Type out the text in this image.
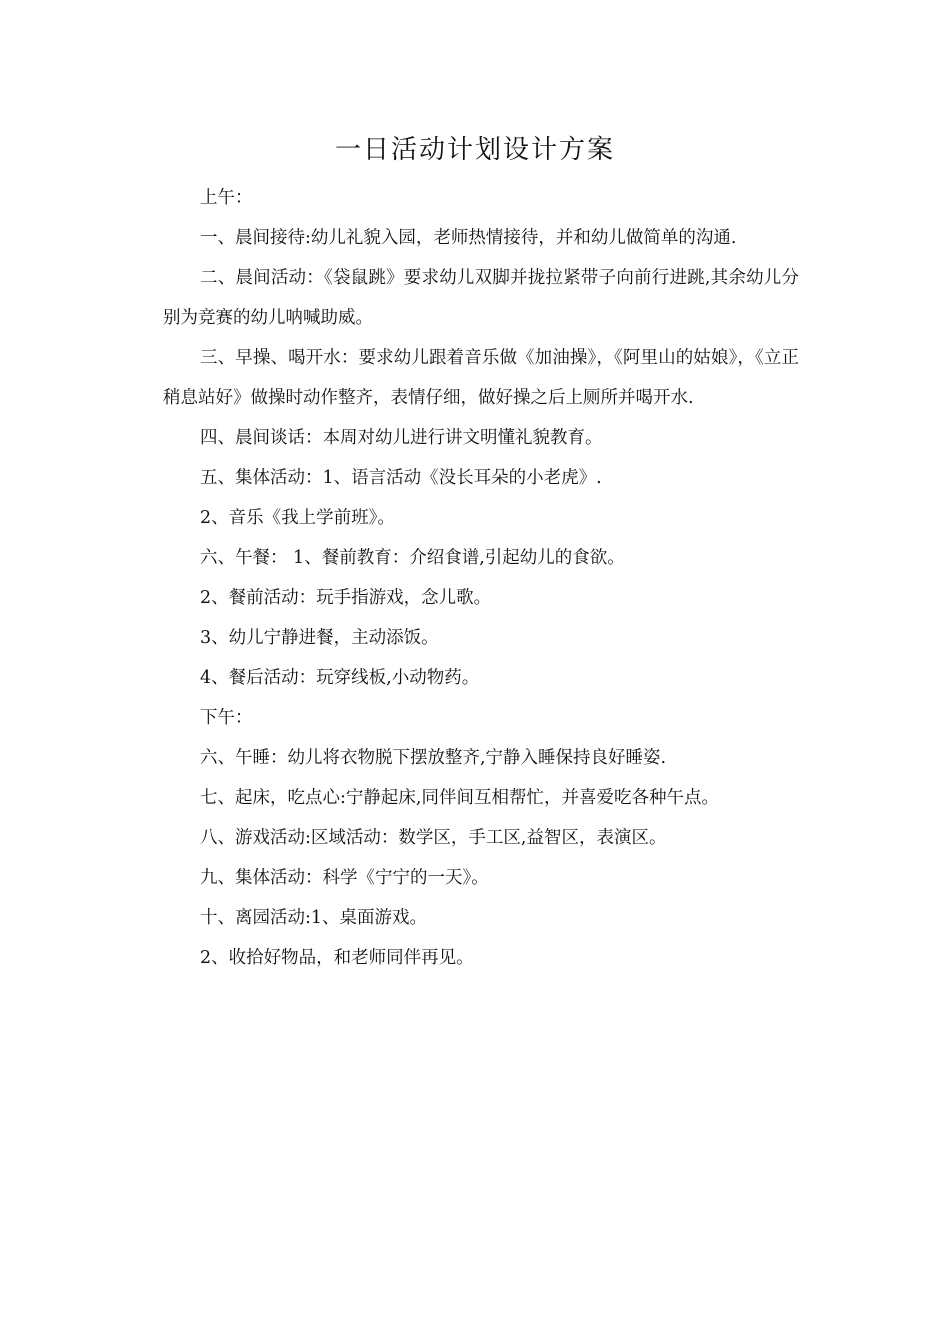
一日活动计划设计方案

上午：

一、晨间接待:幼儿礼貌入园，老师热情接待，并和幼儿做简单的沟通.

二、晨间活动：《袋鼠跳》要求幼儿双脚并拢拉紧带子向前行进跳,其余幼儿分别为竞赛的幼儿呐喊助威。

三、早操、喝开水：要求幼儿跟着音乐做《加油操》，《阿里山的姑娘》，《立正稍息站好》做操时动作整齐，表情仔细，做好操之后上厕所并喝开水.

四、晨间谈话：本周对幼儿进行讲文明懂礼貌教育。

五、集体活动：1、语言活动《没长耳朵的小老虎》.

2、音乐《我上学前班》。

六、午餐： 1、餐前教育：介绍食谱,引起幼儿的食欲。

2、餐前活动：玩手指游戏，念儿歌。

3、幼儿宁静进餐，主动添饭。

4、餐后活动：玩穿线板,小动物药。

下午：

六、午睡：幼儿将衣物脱下摆放整齐,宁静入睡保持良好睡姿.

七、起床，吃点心:宁静起床,同伴间互相帮忙，并喜爱吃各种午点。

八、游戏活动:区域活动：数学区，手工区,益智区，表演区。

九、集体活动：科学《宁宁的一天》。

十、离园活动:1、桌面游戏。

2、收拾好物品，和老师同伴再见。
